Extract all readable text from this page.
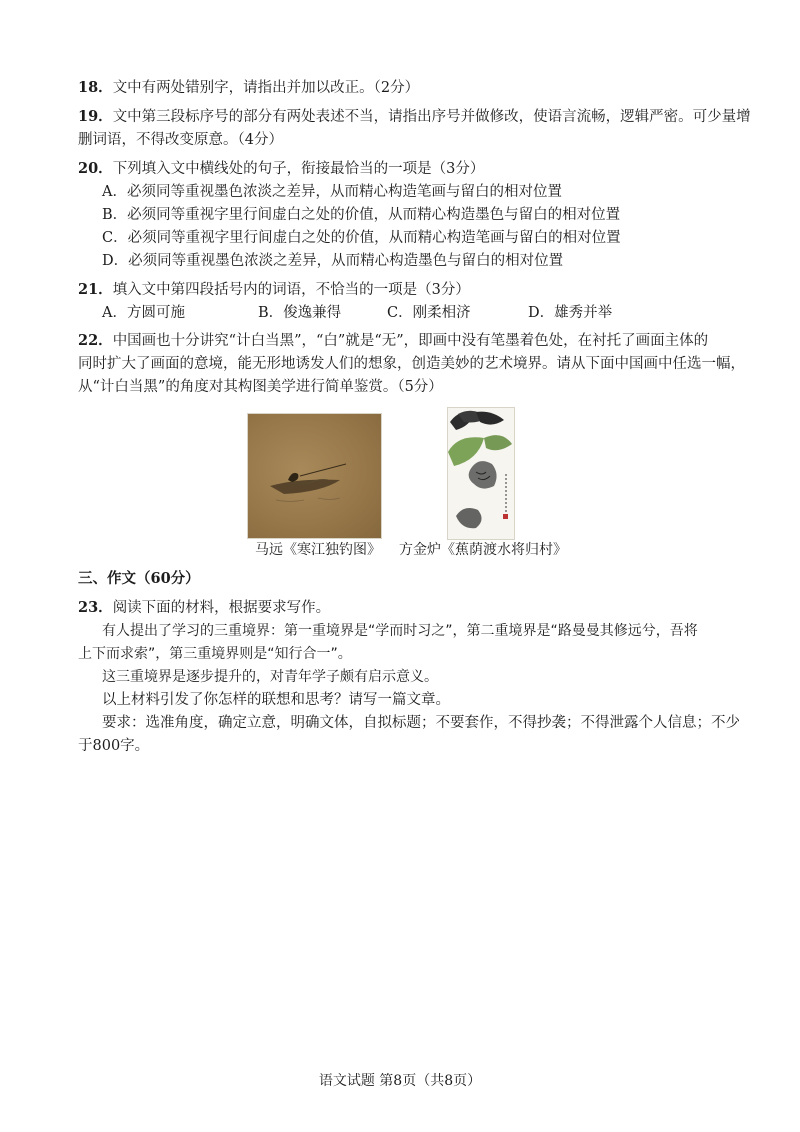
18．文中有两处错别字，请指出并加以改正。（2分）
19．文中第三段标序号的部分有两处表述不当，请指出序号并做修改，使语言流畅，逻辑严密。可少量增
删词语，不得改变原意。（4分）
20．下列填入文中横线处的句子，衔接最恰当的一项是（3分）
A．必须同等重视墨色浓淡之差异，从而精心构造笔画与留白的相对位置
B．必须同等重视字里行间虚白之处的价值，从而精心构造墨色与留白的相对位置
C．必须同等重视字里行间虚白之处的价值，从而精心构造笔画与留白的相对位置
D．必须同等重视墨色浓淡之差异，从而精心构造墨色与留白的相对位置
21．填入文中第四段括号内的词语，不恰当的一项是（3分）
A．方圆可施	B．俊逸兼得	C．刚柔相济	D．雄秀并举
22．中国画也十分讲究“计白当黑”，“白”就是“无”，即画中没有笔墨着色处，在衬托了画面主体的
同时扩大了画面的意境，能无形地诱发人们的想象，创造美妙的艺术境界。请从下面中国画中任选一幅，
从“计白当黑”的角度对其构图美学进行简单鉴赏。（5分）
马远《寒江独钓图》 方金炉《蕉荫渡水将归村》
三、作文（60分）
23．阅读下面的材料，根据要求写作。
有人提出了学习的三重境界：第一重境界是“学而时习之”，第二重境界是“路曼曼其修远兮，吾将
上下而求索”，第三重境界则是“知行合一”。
这三重境界是逐步提升的，对青年学子颇有启示意义。
以上材料引发了你怎样的联想和思考？请写一篇文章。
要求：选准角度，确定立意，明确文体，自拟标题；不要套作，不得抄袭；不得泄露个人信息；不少
于800字。
语文试题 第8页（共8页）
